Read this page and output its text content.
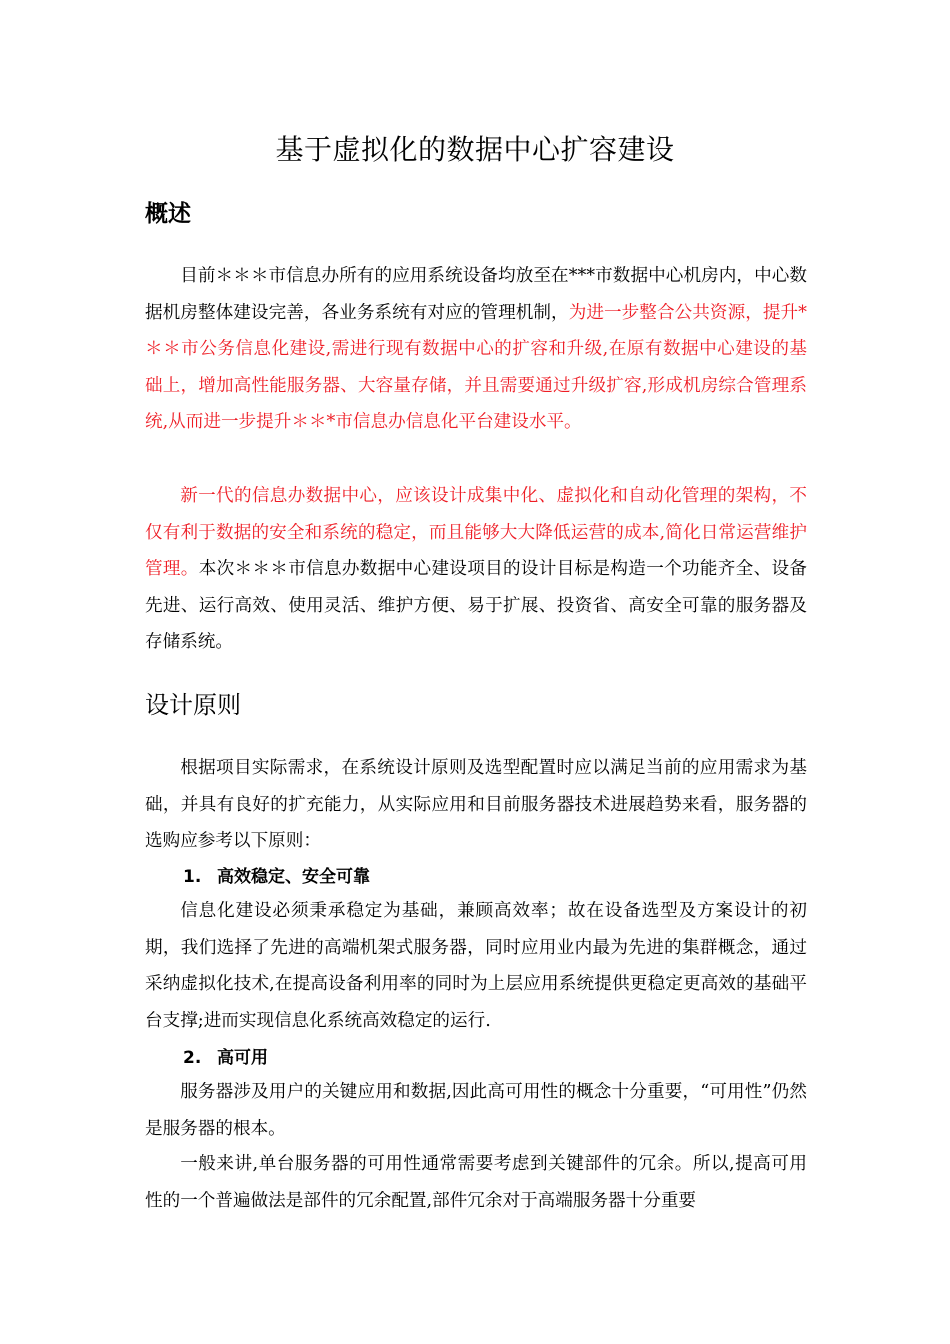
基于虚拟化的数据中心扩容建设
概述

目前＊＊＊市信息办所有的应用系统设备均放至在***市数据中心机房内，中心数据机房整体建设完善，各业务系统有对应的管理机制，为进一步整合公共资源，提升*＊＊市公务信息化建设,需进行现有数据中心的扩容和升级,在原有数据中心建设的基础上，增加高性能服务器、大容量存储，并且需要通过升级扩容,形成机房综合管理系统,从而进一步提升＊＊*市信息办信息化平台建设水平。

新一代的信息办数据中心，应该设计成集中化、虚拟化和自动化管理的架构，不仅有利于数据的安全和系统的稳定，而且能够大大降低运营的成本,简化日常运营维护管理。本次＊＊＊市信息办数据中心建设项目的设计目标是构造一个功能齐全、设备先进、运行高效、使用灵活、维护方便、易于扩展、投资省、高安全可靠的服务器及存储系统。

设计原则

根据项目实际需求，在系统设计原则及选型配置时应以满足当前的应用需求为基础，并具有良好的扩充能力，从实际应用和目前服务器技术进展趋势来看，服务器的选购应参考以下原则：

1. 高效稳定、安全可靠

信息化建设必须秉承稳定为基础，兼顾高效率；故在设备选型及方案设计的初期，我们选择了先进的高端机架式服务器，同时应用业内最为先进的集群概念，通过采纳虚拟化技术,在提高设备利用率的同时为上层应用系统提供更稳定更高效的基础平台支撑;进而实现信息化系统高效稳定的运行.

2. 高可用

服务器涉及用户的关键应用和数据,因此高可用性的概念十分重要，“可用性”仍然是服务器的根本。

一般来讲,单台服务器的可用性通常需要考虑到关键部件的冗余。所以,提高可用性的一个普遍做法是部件的冗余配置,部件冗余对于高端服务器十分重要
